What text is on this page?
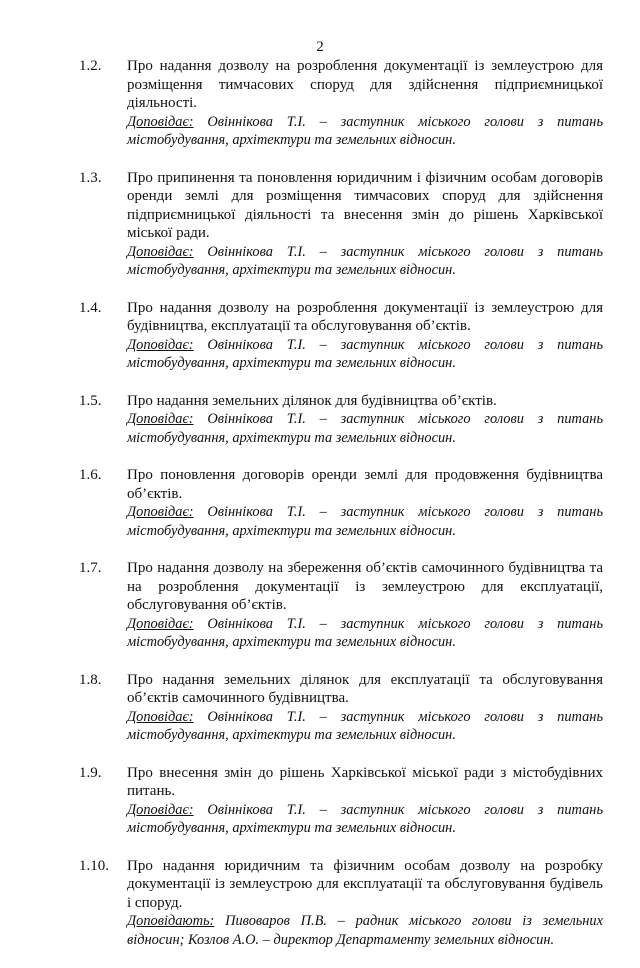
2
1.2.	Про надання дозволу на розроблення документації із землеустрою для розміщення тимчасових споруд для здійснення підприємницької діяльності.
Доповідає: Овіннікова Т.І. – заступник міського голови з питань містобудування, архітектури та земельних відносин.
1.3.	Про припинення та поновлення юридичним і фізичним особам договорів оренди землі для розміщення тимчасових споруд для здійснення підприємницької діяльності та внесення змін до рішень Харківської міської ради.
Доповідає: Овіннікова Т.І. – заступник міського голови з питань містобудування, архітектури та земельних відносин.
1.4.	Про надання дозволу на розроблення документації із землеустрою для будівництва, експлуатації та обслуговування об’єктів.
Доповідає: Овіннікова Т.І. – заступник міського голови з питань містобудування, архітектури та земельних відносин.
1.5.	Про надання земельних ділянок для будівництва об’єктів.
Доповідає: Овіннікова Т.І. – заступник міського голови з питань містобудування, архітектури та земельних відносин.
1.6.	Про поновлення договорів оренди землі для продовження будівництва об’єктів.
Доповідає: Овіннікова Т.І. – заступник міського голови з питань містобудування, архітектури та земельних відносин.
1.7.	Про надання дозволу на збереження об’єктів самочинного будівництва та на розроблення документації із землеустрою для експлуатації, обслуговування об’єктів.
Доповідає: Овіннікова Т.І. – заступник міського голови з питань містобудування, архітектури та земельних відносин.
1.8.	Про надання земельних ділянок для експлуатації та обслуговування об’єктів самочинного будівництва.
Доповідає: Овіннікова Т.І. – заступник міського голови з питань містобудування, архітектури та земельних відносин.
1.9.	Про внесення змін до рішень Харківської міської ради з містобудівних питань.
Доповідає: Овіннікова Т.І. – заступник міського голови з питань містобудування, архітектури та земельних відносин.
1.10.	Про надання юридичним та фізичним особам дозволу на розробку документації із землеустрою для експлуатації та обслуговування будівель і споруд.
Доповідають: Пивоваров П.В. – радник міського голови із земельних відносин; Козлов А.О. – директор Департаменту земельних відносин.
